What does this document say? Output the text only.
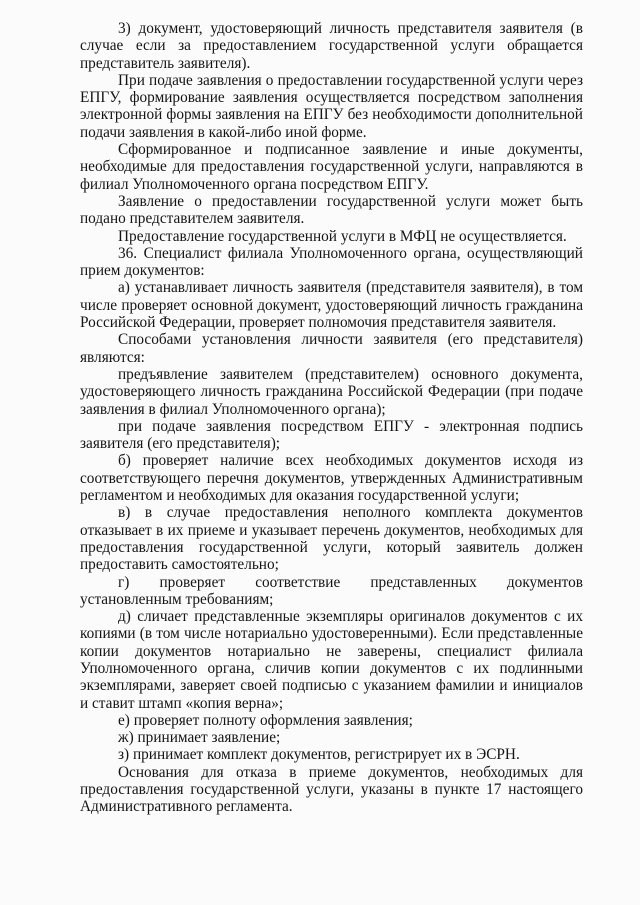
3) документ, удостоверяющий личность представителя заявителя (в случае если за предоставлением государственной услуги обращается представитель заявителя).

При подаче заявления о предоставлении государственной услуги через ЕПГУ, формирование заявления осуществляется посредством заполнения электронной формы заявления на ЕПГУ без необходимости дополнительной подачи заявления в какой-либо иной форме.

Сформированное и подписанное заявление и иные документы, необходимые для предоставления государственной услуги, направляются в филиал Уполномоченного органа посредством ЕПГУ.

Заявление о предоставлении государственной услуги может быть подано представителем заявителя.

Предоставление государственной услуги в МФЦ не осуществляется.

36. Специалист филиала Уполномоченного органа, осуществляющий прием документов:

а) устанавливает личность заявителя (представителя заявителя), в том числе проверяет основной документ, удостоверяющий личность гражданина Российской Федерации, проверяет полномочия представителя заявителя.

Способами установления личности заявителя (его представителя) являются:

предъявление заявителем (представителем) основного документа, удостоверяющего личность гражданина Российской Федерации (при подаче заявления в филиал Уполномоченного органа);

при подаче заявления посредством ЕПГУ - электронная подпись заявителя (его представителя);

б) проверяет наличие всех необходимых документов исходя из соответствующего перечня документов, утвержденных Административным регламентом и необходимых для оказания государственной услуги;

в) в случае предоставления неполного комплекта документов отказывает в их приеме и указывает перечень документов, необходимых для предоставления государственной услуги, который заявитель должен предоставить самостоятельно;

г) проверяет соответствие представленных документов установленным требованиям;

д) сличает представленные экземпляры оригиналов документов с их копиями (в том числе нотариально удостоверенными). Если представленные копии документов нотариально не заверены, специалист филиала Уполномоченного органа, сличив копии документов с их подлинными экземплярами, заверяет своей подписью с указанием фамилии и инициалов и ставит штамп «копия верна»;

е) проверяет полноту оформления заявления;

ж) принимает заявление;

з) принимает комплект документов, регистрирует их в ЭСРН.

Основания для отказа в приеме документов, необходимых для предоставления государственной услуги, указаны в пункте 17 настоящего Административного регламента.
